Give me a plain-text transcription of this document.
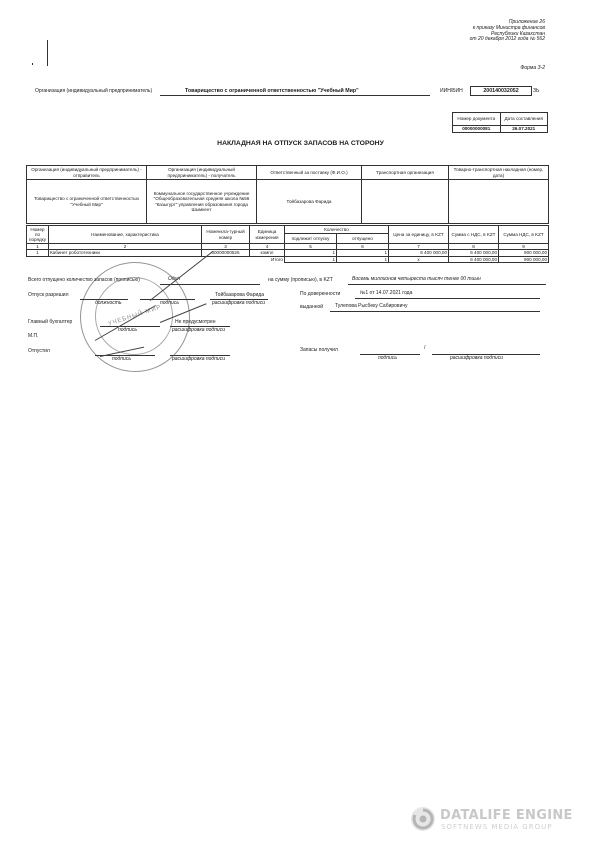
Приложение 26
к приказу Министра финансов
Республики Казахстан
от 20 декабря 2012 года № 562
Форма З-2
Организация (индивидуальный предприниматель)	Товарищество с ограниченной ответственностью "Учебный Мир"	ИИН/БИН	200140032052	ЗЬ
Номер документа	Дата составления
00000000081	26.07.2021
НАКЛАДНАЯ НА ОТПУСК ЗАПАСОВ НА СТОРОНУ
Организация (индивидуальный предприниматель) - отправитель	Организация (индивидуальный предприниматель) - получатель	Ответственный за поставку (Ф.И.О.)	Транспортная организация	Товарно-транспортная накладная (номер, дата)
Товарищество с ограниченной ответственностью "Учебный Мир"	Коммунальное государственное учреждение "Общеобразовательная средняя школа №56 "Казыгурт" управления образования города Шымкент	Тойбазарова Фарида		
Номер по порядку	Наименование, характеристика	Номенкла-турный номер	Единица измерения	Количество		Цена за единицу, в KZT	Сумма с НДС, в KZT	Сумма НДС, в KZT
				подлежит отпуску	отпущено			
1	2	3	4	5	6	7	8	9
1	Кабинет робототехники	00000000525	компл	1	1	6 400 000,00	6 400 000,00	900 000,00
			Итого	1	1	x	6 400 000,00	900 000,00
Всего отпущено количество запасов (прописью)	Один	на сумму (прописью), в KZT	Восемь миллионов четыреста тысяч тенге 00 тиын
Отпуск разрешил	Тойбазарова Фарида
должность	подпись	расшифровка подписи
Главный бухгалтер	Не предусмотрен
подпись	расшифровка подписи
М.П.
Отпустил
подпись	расшифровка подписи
По доверенности	№1 от 14.07.2021 года
выданной Тулепова Рысбеку Сабировичу
Запасы получил	/
подпись	расшифровка подписи
УЧЕБНЫЙ МИР
DATALIFE ENGINE
SOFTNEWS MEDIA GROUP
